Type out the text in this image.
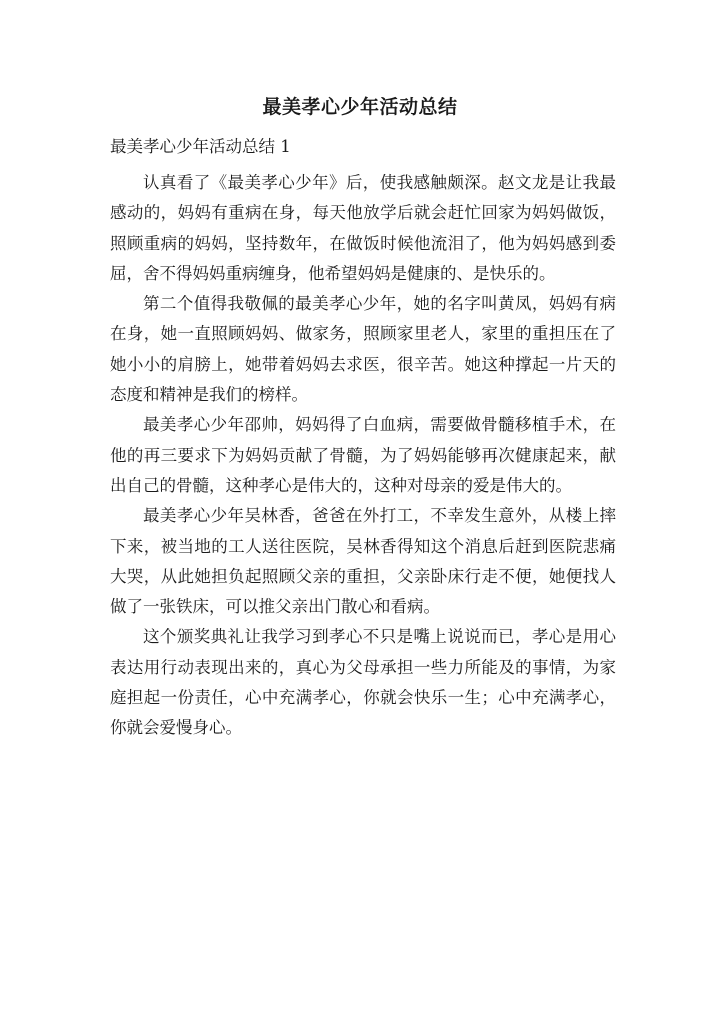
最美孝心少年活动总结
最美孝心少年活动总结 1

认真看了《最美孝心少年》后，使我感触颇深。赵文龙是让我最感动的，妈妈有重病在身，每天他放学后就会赶忙回家为妈妈做饭，照顾重病的妈妈，坚持数年，在做饭时候他流泪了，他为妈妈感到委屈，舍不得妈妈重病缠身，他希望妈妈是健康的、是快乐的。

第二个值得我敬佩的最美孝心少年，她的名字叫黄凤，妈妈有病在身，她一直照顾妈妈、做家务，照顾家里老人，家里的重担压在了她小小的肩膀上，她带着妈妈去求医，很辛苦。她这种撑起一片天的态度和精神是我们的榜样。

最美孝心少年邵帅，妈妈得了白血病，需要做骨髓移植手术，在他的再三要求下为妈妈贡献了骨髓，为了妈妈能够再次健康起来，献出自己的骨髓，这种孝心是伟大的，这种对母亲的爱是伟大的。

最美孝心少年吴林香，爸爸在外打工，不幸发生意外，从楼上摔下来，被当地的工人送往医院，吴林香得知这个消息后赶到医院悲痛大哭，从此她担负起照顾父亲的重担，父亲卧床行走不便，她便找人做了一张铁床，可以推父亲出门散心和看病。

这个颁奖典礼让我学习到孝心不只是嘴上说说而已，孝心是用心表达用行动表现出来的，真心为父母承担一些力所能及的事情，为家庭担起一份责任，心中充满孝心，你就会快乐一生；心中充满孝心，你就会爱慢身心。
